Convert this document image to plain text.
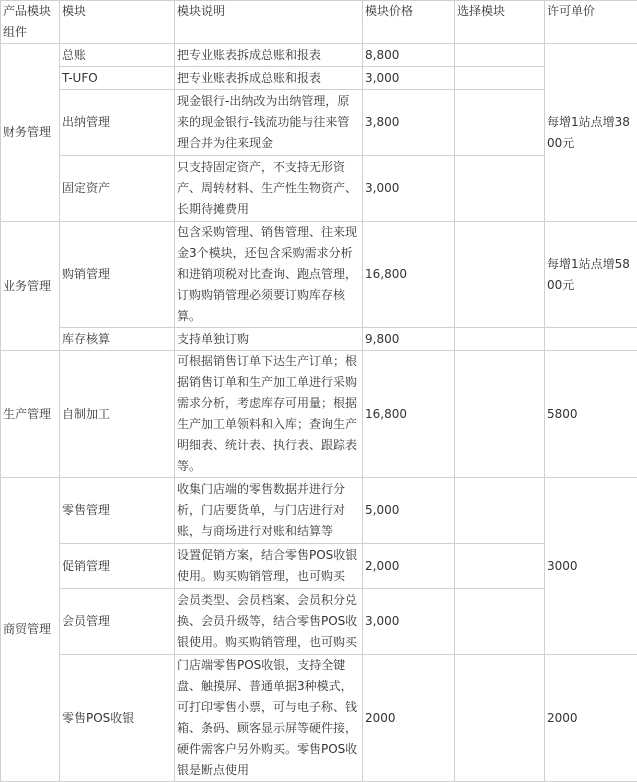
产品模块组件	模块	模块说明	模块价格	选择模块	许可单价
财务管理	总账	把专业账表拆成总账和报表	8,800		每增1站点增3800元
	T-UFO	把专业账表拆成总账和报表	3,000		
	出纳管理	现金银行-出纳改为出纳管理，原来的现金银行-钱流功能与往来管理合并为往来现金	3,800		
	固定资产	只支持固定资产，不支持无形资产、周转材料、生产性生物资产、长期待摊费用	3,000		
业务管理	购销管理	包含采购管理、销售管理、往来现金3个模块，还包含采购需求分析和进销项税对比查询、跑点管理，订购购销管理必须要订购库存核算。	16,800		每增1站点增5800元
	库存核算	支持单独订购	9,800		
生产管理	自制加工	可根据销售订单下达生产订单；根据销售订单和生产加工单进行采购需求分析，考虑库存可用量；根据生产加工单领料和入库；查询生产明细表、统计表、执行表、跟踪表等。	16,800		5800
商贸管理	零售管理	收集门店端的零售数据并进行分析，门店要货单，与门店进行对账，与商场进行对账和结算等	5,000		3000
	促销管理	设置促销方案，结合零售POS收银使用。购买购销管理，也可购买	2,000		
	会员管理	会员类型、会员档案、会员积分兑换、会员升级等，结合零售POS收银使用。购买购销管理，也可购买	3,000		
	零售POS收银	门店端零售POS收银，支持全键盘、触摸屏、普通单据3种模式，可打印零售小票，可与电子称、钱箱、条码、顾客显示屏等硬件接，硬件需客户另外购买。零售POS收银是断点使用	2000		2000
